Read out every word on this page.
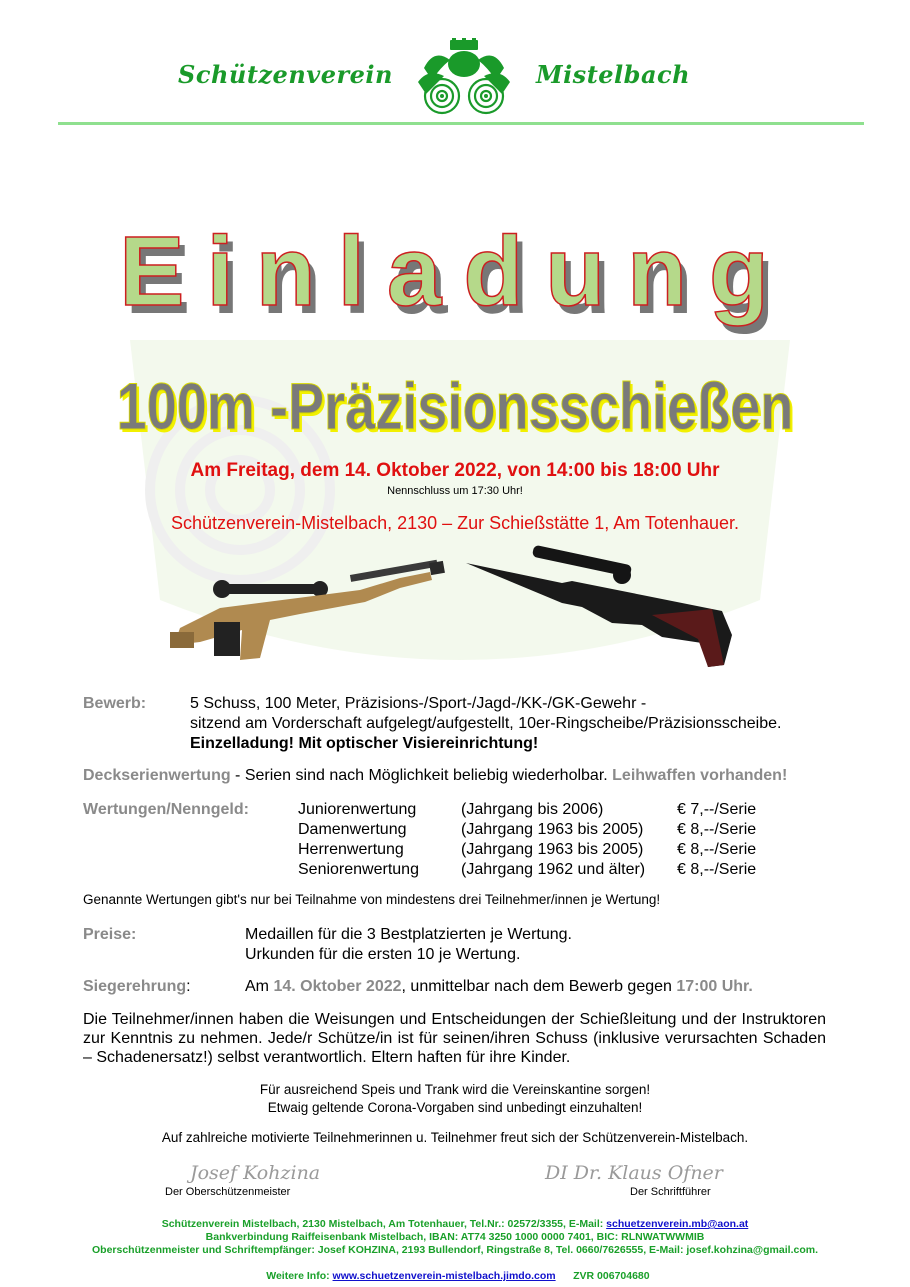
Schützenverein	Mistelbach
Einladung
100m -Präzisionsschießen
Am Freitag, dem 14. Oktober 2022, von 14:00 bis 18:00 Uhr
Nennschluss um 17:30 Uhr!
Schützenverein-Mistelbach, 2130 – Zur Schießstätte 1, Am Totenhauer.
Bewerb:	5 Schuss, 100 Meter, Präzisions-/Sport-/Jagd-/KK-/GK-Gewehr -
sitzend am Vorderschaft aufgelegt/aufgestellt, 10er-Ringscheibe/Präzisionsscheibe.
Einzelladung! Mit optischer Visiereinrichtung!
Deckserienwertung - Serien sind nach Möglichkeit beliebig wiederholbar. Leihwaffen vorhanden!
Wertungen/Nenngeld:	Juniorenwertung	(Jahrgang bis 2006)	€ 7,--/Serie
Damenwertung	(Jahrgang 1963 bis 2005) € 8,--/Serie
Herrenwertung	(Jahrgang 1963 bis 2005) € 8,--/Serie
Seniorenwertung	(Jahrgang 1962 und älter) € 8,--/Serie
Genannte Wertungen gibt's nur bei Teilnahme von mindestens drei Teilnehmer/innen je Wertung!
Preise:	Medaillen für die 3 Bestplatzierten je Wertung.
Urkunden für die ersten 10 je Wertung.
Siegerehrung:	Am 14. Oktober 2022, unmittelbar nach dem Bewerb gegen 17:00 Uhr.
Die Teilnehmer/innen haben die Weisungen und Entscheidungen der Schießleitung und der Instruktoren zur Kenntnis zu nehmen. Jede/r Schütze/in ist für seinen/ihren Schuss (inklusive verursachten Schaden – Schadenersatz!) selbst verantwortlich. Eltern haften für ihre Kinder.
Für ausreichend Speis und Trank wird die Vereinskantine sorgen!
Etwaig geltende Corona-Vorgaben sind unbedingt einzuhalten!
Auf zahlreiche motivierte Teilnehmerinnen u. Teilnehmer freut sich der Schützenverein-Mistelbach.
Josef Kohzina
Der Oberschützenmeister
DI Dr. Klaus Ofner
Der Schriftführer
Schützenverein Mistelbach, 2130 Mistelbach, Am Totenhauer, Tel.Nr.: 02572/3355, E-Mail: schuetzenverein.mb@aon.at
Bankverbindung Raiffeisenbank Mistelbach, IBAN: AT74 3250 1000 0000 7401, BIC: RLNWATWWMIB
Oberschützenmeister und Schriftempfänger: Josef KOHZINA, 2193 Bullendorf, Ringstraße 8, Tel. 0660/7626555, E-Mail: josef.kohzina@gmail.com.

Weitere Info: www.schuetzenverein-mistelbach.jimdo.com      ZVR 006704680
